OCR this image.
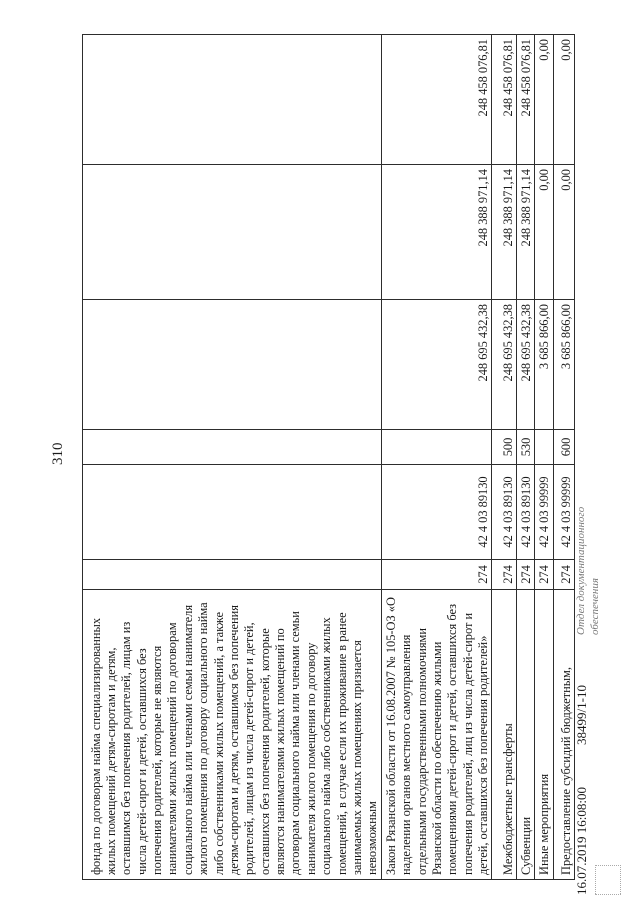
310
фонда по договорам найма специализированных жилых помещений детям-сиротам и детям, оставшимся без попечения родителей, лицам из числа детей-сирот и детей, оставшихся без попечения родителей, которые не являются нанимателями жилых помещений по договорам социального найма или членами семьи нанимателя жилого помещения по договору социального найма либо собственниками жилых помещений, а также детям-сиротам и детям, оставшимся без попечения родителей, лицам из числа детей-сирот и детей, оставшихся без попечения родителей, которые являются нанимателями жилых помещений по договорам социального найма или членами семьи нанимателя жилого помещения по договору социального найма либо собственниками жилых помещений, в случае если их проживание в ранее занимаемых жилых помещениях признается невозможным						
Закон Рязанской области от 16.08.2007 № 105-ОЗ «О наделении органов местного самоуправления отдельными государственными полномочиями Рязанской области по обеспечению жилыми помещениями детей-сирот и детей, оставшихся без попечения родителей, лиц из числа детей-сирот и детей, оставшихся без попечения родителей»	274	42 4 03 89130		248 695 432,38	248 388 971,14	248 458 076,81
Межбюджетные трансферты	274	42 4 03 89130	500	248 695 432,38	248 388 971,14	248 458 076,81
Субвенции	274	42 4 03 89130	530	248 695 432,38	248 388 971,14	248 458 076,81
Иные мероприятия	274	42 4 03 99999		3 685 866,00	0,00	0,00
Предоставление субсидий бюджетным,	274	42 4 03 99999	600	3 685 866,00	0,00	0,00
16.07.2019 16:08:00
38499/1-10
Отдел документационного обеспечения
